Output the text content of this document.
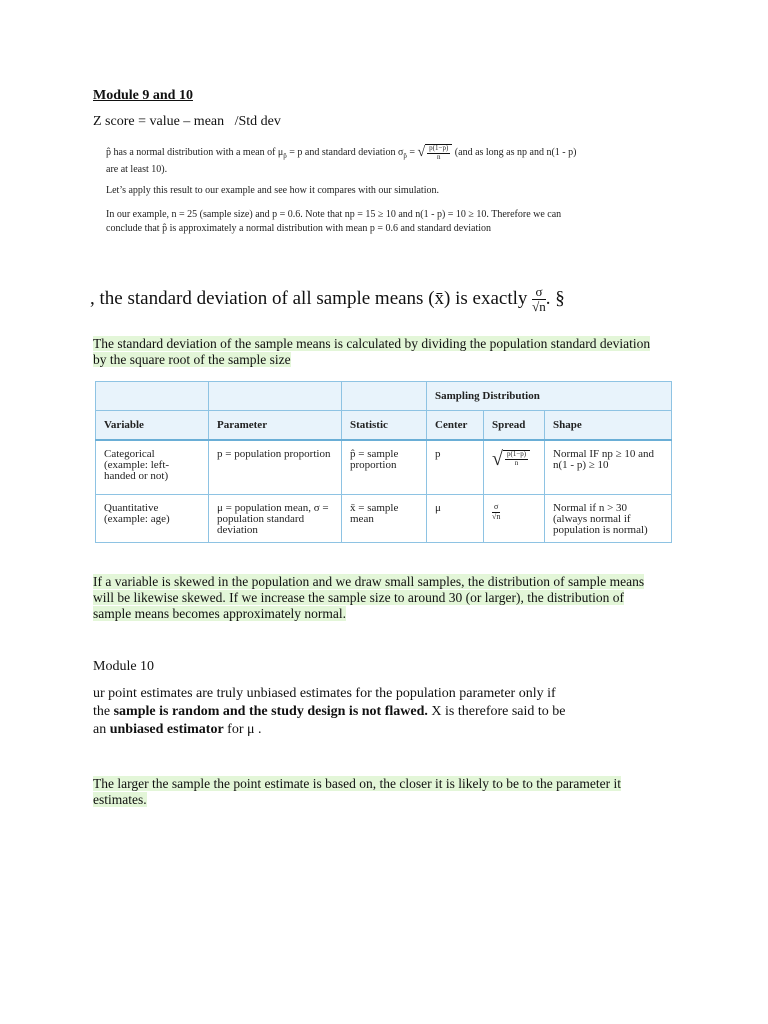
Module 9 and 10
Z score = value – mean   /Std dev
p̂ has a normal distribution with a mean of $\mu_{p̂} = p$ and standard deviation $\sigma_{p̂}$ = √ $\frac{p(1-p)}{n} (and$ as long as np and n(1 - p)
are at least 10).
Let’s apply this result to our example and see how it compares with our simulation.
In our example, n = 25 (sample size) and p = 0.6. Note that np = 15 ≥ 10 and n(1 - p) = 10 ≥ 10. Therefore we can
conclude that p̂ is approximately a normal distribution with mean p = 0.6 and standard deviation
, the standard deviation of all sample means (x̄) is exactly $\frac{\sigma}{√n}$ . §
The standard deviation of the sample means is calculated by dividing the population standard deviation by the square root of the sample size
			Sampling Distribution		
Variable	Parameter	Statistic	Center	Spread	Shape
Categorical (example: left-handed or not)	p = population proportion	p̂ = sample proportion	p	√ $\frac{p(1-p)}{n}$	Normal IF np ≥ 10 and n(1 - p) ≥ 10
Quantitative (example: age)	μ = population mean, σ = population standard deviation	x̄ = sample mean	μ	$\frac{\sigma}{√n}$	Normal if n > 30 (always normal if population is normal)
If a variable is skewed in the population and we draw small samples, the distribution of sample means will be likewise skewed. If we increase the sample size to around 30 (or larger), the distribution of sample means becomes approximately normal.
Module 10
ur point estimates are truly unbiased estimates for the population parameter only if
the sample is random and the study design is not flawed. X is therefore said to be
an unbiased estimator for μ .
The larger the sample the point estimate is based on, the closer it is likely to be to the parameter it estimates.
